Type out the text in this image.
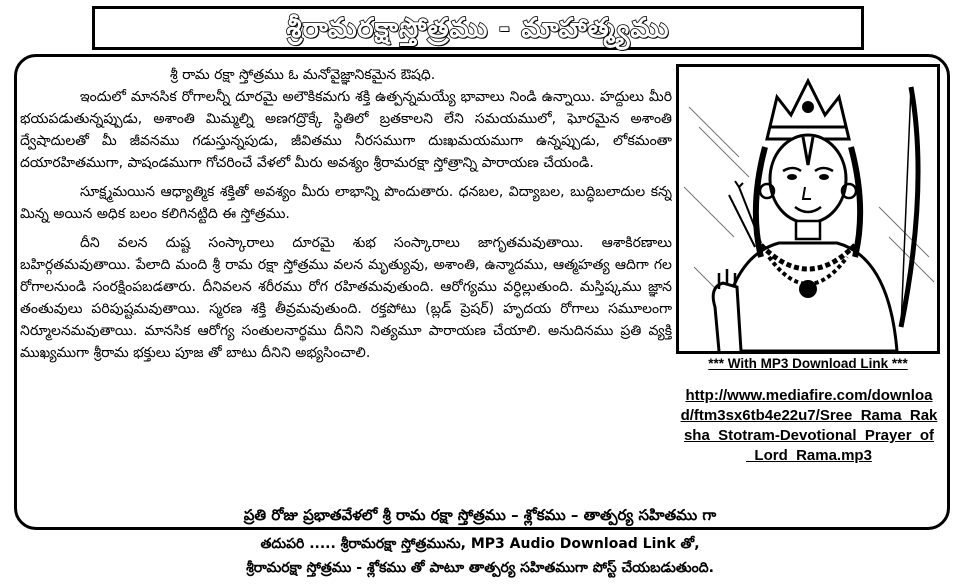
శ్రీరామరక్షాస్తోత్రము - మాహాత్మ్యము

శ్రీ రామ రక్షా స్తోత్రము ఓ మనోవైజ్ఞానికమైన ఔషధి.

ఇందులో మానసిక రోగాలన్నీ దూరమై అలౌకికమగు శక్తి ఉత్పన్నమయ్యే భావాలు నిండి ఉన్నాయి. హద్దులు మీరి భయపడుతున్నప్పుడు, అశాంతి మిమ్మల్ని అణగద్రొక్కే స్థితిలో బ్రతకాలని లేని సమయములో, ఘోరమైన అశాంతి ద్వేషాదులతో మీ జీవనము గడుస్తున్నపుడు, జీవితము నీరసముగా దుఃఖమయముగా ఉన్నప్పుడు, లోకమంతా దయారహితముగా, పాషండముగా గోచరించే వేళలో మీరు అవశ్యం శ్రీరామరక్షా స్తోత్రాన్ని పారాయణ చేయండి.

సూక్ష్మమయిన ఆధ్యాత్మిక శక్తితో అవశ్యం మీరు లాభాన్ని పొందుతారు. ధనబల, విద్యాబల, బుద్ధిబలాదుల కన్న మిన్న అయిన అధిక బలం కలిగినట్టిది ఈ స్తోత్రము.

దీని వలన దుష్ట సంస్కారాలు దూరమై శుభ సంస్కారాలు జాగృతమవుతాయి. ఆశాకిరణాలు బహిర్గతమవుతాయి. పేలాది మంది శ్రీ రామ రక్షా స్తోత్రము వలన మృత్యువు, అశాంతి, ఉన్మాదము, ఆత్మహత్య ఆదిగా గల రోగాలనుండి సంరక్షింపబడతారు. దీనివలన శరీరము రోగ రహితమవుతుంది. ఆరోగ్యము వర్ధిల్లుతుంది. మస్తిష్కము జ్ఞాన తంతువులు పరిపుష్టమవుతాయి. స్మరణ శక్తి తీవ్రమవుతుంది. రక్తపోటు (బ్లడ్ ప్రెషర్) హృదయ రోగాలు సమూలంగా నిర్మూలనమవుతాయి. మానసిక ఆరోగ్య సంతులనార్థము దీనిని నిత్యమూ పారాయణ చేయాలి. అనుదినము ప్రతి వ్యక్తి ముఖ్యముగా శ్రీరామ భక్తులు పూజ తో బాటు దీనిని అభ్యసించాలి.

*** With MP3 Download Link ***
http://www.mediafire.com/download/ftm3sx6tb4e22u7/Sree_Rama_Raksha_Stotram-Devotional_Prayer_of_Lord_Rama.mp3
ప్రతి రోజు ప్రభాతవేళలో శ్రీ రామ రక్షా స్తోత్రము – శ్లోకము – తాత్పర్య సహితము గా
తదుపరి ..... శ్రీరామరక్షా స్తోత్రమును, MP3 Audio Download Link తో,
శ్రీరామరక్షా స్తోత్రము - శ్లోకము తో పాటూ తాత్పర్య సహితముగా పోస్ట్ చేయబడుతుంది.
